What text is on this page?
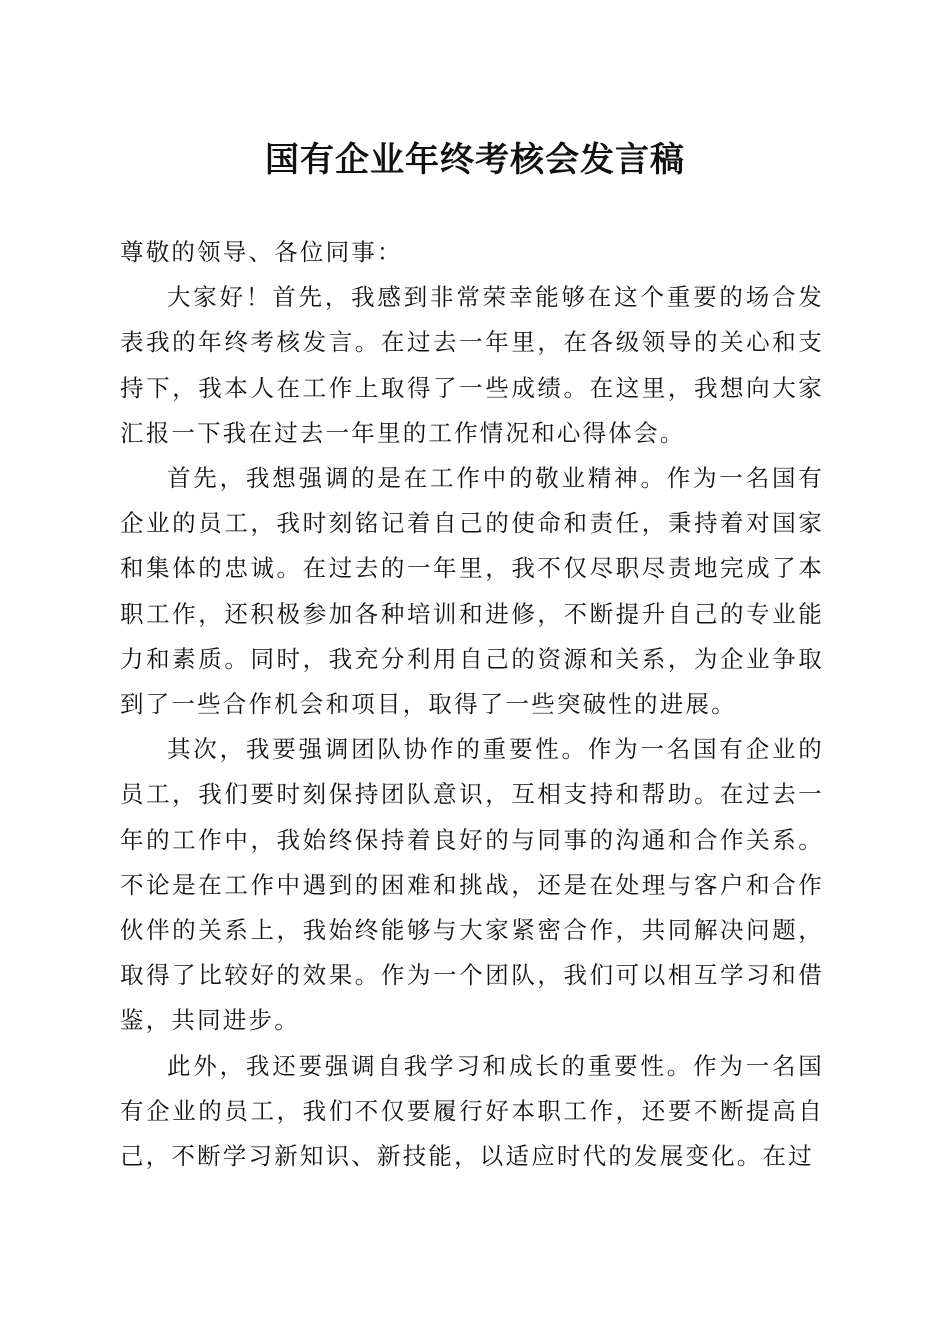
国有企业年终考核会发言稿

尊敬的领导、各位同事：

大家好！首先，我感到非常荣幸能够在这个重要的场合发表我的年终考核发言。在过去一年里，在各级领导的关心和支持下，我本人在工作上取得了一些成绩。在这里，我想向大家汇报一下我在过去一年里的工作情况和心得体会。

首先，我想强调的是在工作中的敬业精神。作为一名国有企业的员工，我时刻铭记着自己的使命和责任，秉持着对国家和集体的忠诚。在过去的一年里，我不仅尽职尽责地完成了本职工作，还积极参加各种培训和进修，不断提升自己的专业能力和素质。同时，我充分利用自己的资源和关系，为企业争取到了一些合作机会和项目，取得了一些突破性的进展。

其次，我要强调团队协作的重要性。作为一名国有企业的员工，我们要时刻保持团队意识，互相支持和帮助。在过去一年的工作中，我始终保持着良好的与同事的沟通和合作关系。不论是在工作中遇到的困难和挑战，还是在处理与客户和合作伙伴的关系上，我始终能够与大家紧密合作，共同解决问题，取得了比较好的效果。作为一个团队，我们可以相互学习和借鉴，共同进步。

此外，我还要强调自我学习和成长的重要性。作为一名国有企业的员工，我们不仅要履行好本职工作，还要不断提高自己，不断学习新知识、新技能，以适应时代的发展变化。在过
